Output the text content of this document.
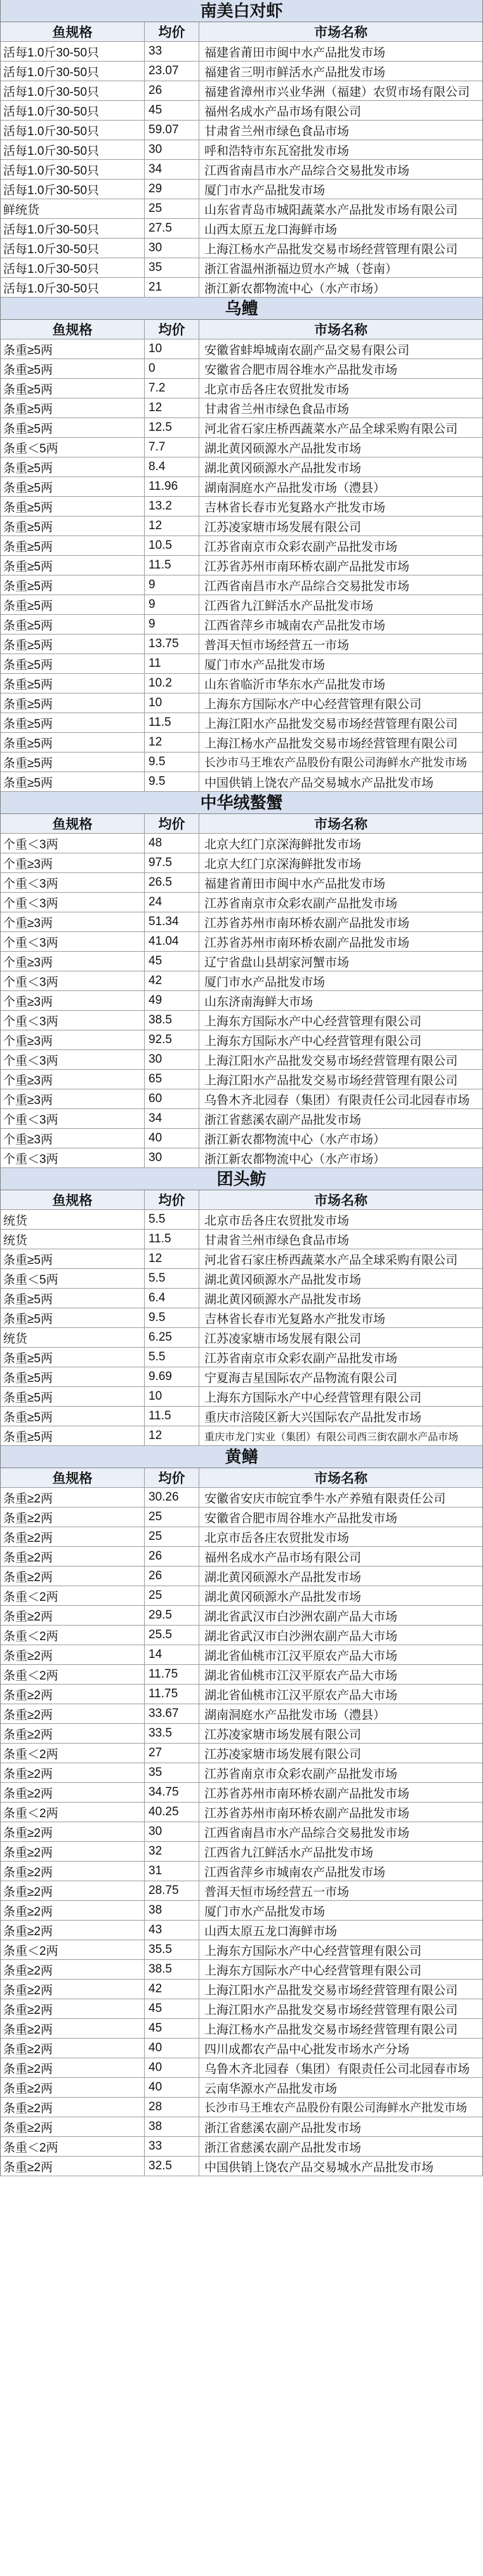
南美白对虾
鱼规格	均价	市场名称
活每1.0斤30-50只	33	福建省莆田市闽中水产品批发市场
活每1.0斤30-50只	23.07	福建省三明市鲜活水产品批发市场
活每1.0斤30-50只	26	福建省漳州市兴业华洲（福建）农贸市场有限公司
活每1.0斤30-50只	45	福州名成水产品市场有限公司
活每1.0斤30-50只	59.07	甘肃省兰州市绿色食品市场
活每1.0斤30-50只	30	呼和浩特市东瓦窑批发市场
活每1.0斤30-50只	34	江西省南昌市水产品综合交易批发市场
活每1.0斤30-50只	29	厦门市水产品批发市场
鲜统货	25	山东省青岛市城阳蔬菜水产品批发市场有限公司
活每1.0斤30-50只	27.5	山西太原五龙口海鲜市场
活每1.0斤30-50只	30	上海江杨水产品批发交易市场经营管理有限公司
活每1.0斤30-50只	35	浙江省温州浙福边贸水产城（苍南）
活每1.0斤30-50只	21	浙江新农都物流中心（水产市场）
乌鳢
鱼规格	均价	市场名称
条重≥5两	10	安徽省蚌埠城南农副产品交易有限公司
条重≥5两	0	安徽省合肥市周谷堆水产品批发市场
条重≥5两	7.2	北京市岳各庄农贸批发市场
条重≥5两	12	甘肃省兰州市绿色食品市场
条重≥5两	12.5	河北省石家庄桥西蔬菜水产品全球采购有限公司
条重＜5两	7.7	湖北黄冈硕源水产品批发市场
条重≥5两	8.4	湖北黄冈硕源水产品批发市场
条重≥5两	11.96	湖南洞庭水产品批发市场（澧县）
条重≥5两	13.2	吉林省长春市光复路水产批发市场
条重≥5两	12	江苏凌家塘市场发展有限公司
条重≥5两	10.5	江苏省南京市众彩农副产品批发市场
条重≥5两	11.5	江苏省苏州市南环桥农副产品批发市场
条重≥5两	9	江西省南昌市水产品综合交易批发市场
条重≥5两	9	江西省九江鲜活水产品批发市场
条重≥5两	9	江西省萍乡市城南农产品批发市场
条重≥5两	13.75	普洱天恒市场经营五一市场
条重≥5两	11	厦门市水产品批发市场
条重≥5两	10.2	山东省临沂市华东水产品批发市场
条重≥5两	10	上海东方国际水产中心经营管理有限公司
条重≥5两	11.5	上海江阳水产品批发交易市场经营管理有限公司
条重≥5两	12	上海江杨水产品批发交易市场经营管理有限公司
条重≥5两	9.5	长沙市马王堆农产品股份有限公司海鲜水产批发市场
条重≥5两	9.5	中国供销上饶农产品交易城水产品批发市场
中华绒螯蟹
鱼规格	均价	市场名称
个重＜3两	48	北京大红门京深海鲜批发市场
个重≥3两	97.5	北京大红门京深海鲜批发市场
个重＜3两	26.5	福建省莆田市闽中水产品批发市场
个重＜3两	24	江苏省南京市众彩农副产品批发市场
个重≥3两	51.34	江苏省苏州市南环桥农副产品批发市场
个重＜3两	41.04	江苏省苏州市南环桥农副产品批发市场
个重≥3两	45	辽宁省盘山县胡家河蟹市场
个重＜3两	42	厦门市水产品批发市场
个重≥3两	49	山东济南海鲜大市场
个重＜3两	38.5	上海东方国际水产中心经营管理有限公司
个重≥3两	92.5	上海东方国际水产中心经营管理有限公司
个重＜3两	30	上海江阳水产品批发交易市场经营管理有限公司
个重≥3两	65	上海江阳水产品批发交易市场经营管理有限公司
个重≥3两	60	乌鲁木齐北园春（集团）有限责任公司北园春市场
个重＜3两	34	浙江省慈溪农副产品批发市场
个重≥3两	40	浙江新农都物流中心（水产市场）
个重＜3两	30	浙江新农都物流中心（水产市场）
团头鲂
鱼规格	均价	市场名称
统货	5.5	北京市岳各庄农贸批发市场
统货	11.5	甘肃省兰州市绿色食品市场
条重≥5两	12	河北省石家庄桥西蔬菜水产品全球采购有限公司
条重＜5两	5.5	湖北黄冈硕源水产品批发市场
条重≥5两	6.4	湖北黄冈硕源水产品批发市场
条重≥5两	9.5	吉林省长春市光复路水产批发市场
统货	6.25	江苏凌家塘市场发展有限公司
条重≥5两	5.5	江苏省南京市众彩农副产品批发市场
条重≥5两	9.69	宁夏海吉星国际农产品物流有限公司
条重≥5两	10	上海东方国际水产中心经营管理有限公司
条重≥5两	11.5	重庆市涪陵区新大兴国际农产品批发市场
条重≥5两	12	重庆市龙门实业（集团）有限公司西三街农副水产品市场
黄鳝
鱼规格	均价	市场名称
条重≥2两	30.26	安徽省安庆市皖宜季牛水产养殖有限责任公司
条重≥2两	25	安徽省合肥市周谷堆水产品批发市场
条重≥2两	25	北京市岳各庄农贸批发市场
条重≥2两	26	福州名成水产品市场有限公司
条重≥2两	26	湖北黄冈硕源水产品批发市场
条重＜2两	25	湖北黄冈硕源水产品批发市场
条重≥2两	29.5	湖北省武汉市白沙洲农副产品大市场
条重＜2两	25.5	湖北省武汉市白沙洲农副产品大市场
条重≥2两	14	湖北省仙桃市江汉平原农产品大市场
条重＜2两	11.75	湖北省仙桃市江汉平原农产品大市场
条重≥2两	11.75	湖北省仙桃市江汉平原农产品大市场
条重≥2两	33.67	湖南洞庭水产品批发市场（澧县）
条重≥2两	33.5	江苏凌家塘市场发展有限公司
条重＜2两	27	江苏凌家塘市场发展有限公司
条重≥2两	35	江苏省南京市众彩农副产品批发市场
条重≥2两	34.75	江苏省苏州市南环桥农副产品批发市场
条重＜2两	40.25	江苏省苏州市南环桥农副产品批发市场
条重≥2两	30	江西省南昌市水产品综合交易批发市场
条重≥2两	32	江西省九江鲜活水产品批发市场
条重≥2两	31	江西省萍乡市城南农产品批发市场
条重≥2两	28.75	普洱天恒市场经营五一市场
条重≥2两	38	厦门市水产品批发市场
条重≥2两	43	山西太原五龙口海鲜市场
条重＜2两	35.5	上海东方国际水产中心经营管理有限公司
条重≥2两	38.5	上海东方国际水产中心经营管理有限公司
条重≥2两	42	上海江阳水产品批发交易市场经营管理有限公司
条重≥2两	45	上海江阳水产品批发交易市场经营管理有限公司
条重≥2两	45	上海江杨水产品批发交易市场经营管理有限公司
条重≥2两	40	四川成都农产品中心批发市场水产分场
条重≥2两	40	乌鲁木齐北园春（集团）有限责任公司北园春市场
条重≥2两	40	云南华源水产品批发市场
条重≥2两	28	长沙市马王堆农产品股份有限公司海鲜水产批发市场
条重≥2两	38	浙江省慈溪农副产品批发市场
条重＜2两	33	浙江省慈溪农副产品批发市场
条重≥2两	32.5	中国供销上饶农产品交易城水产品批发市场
